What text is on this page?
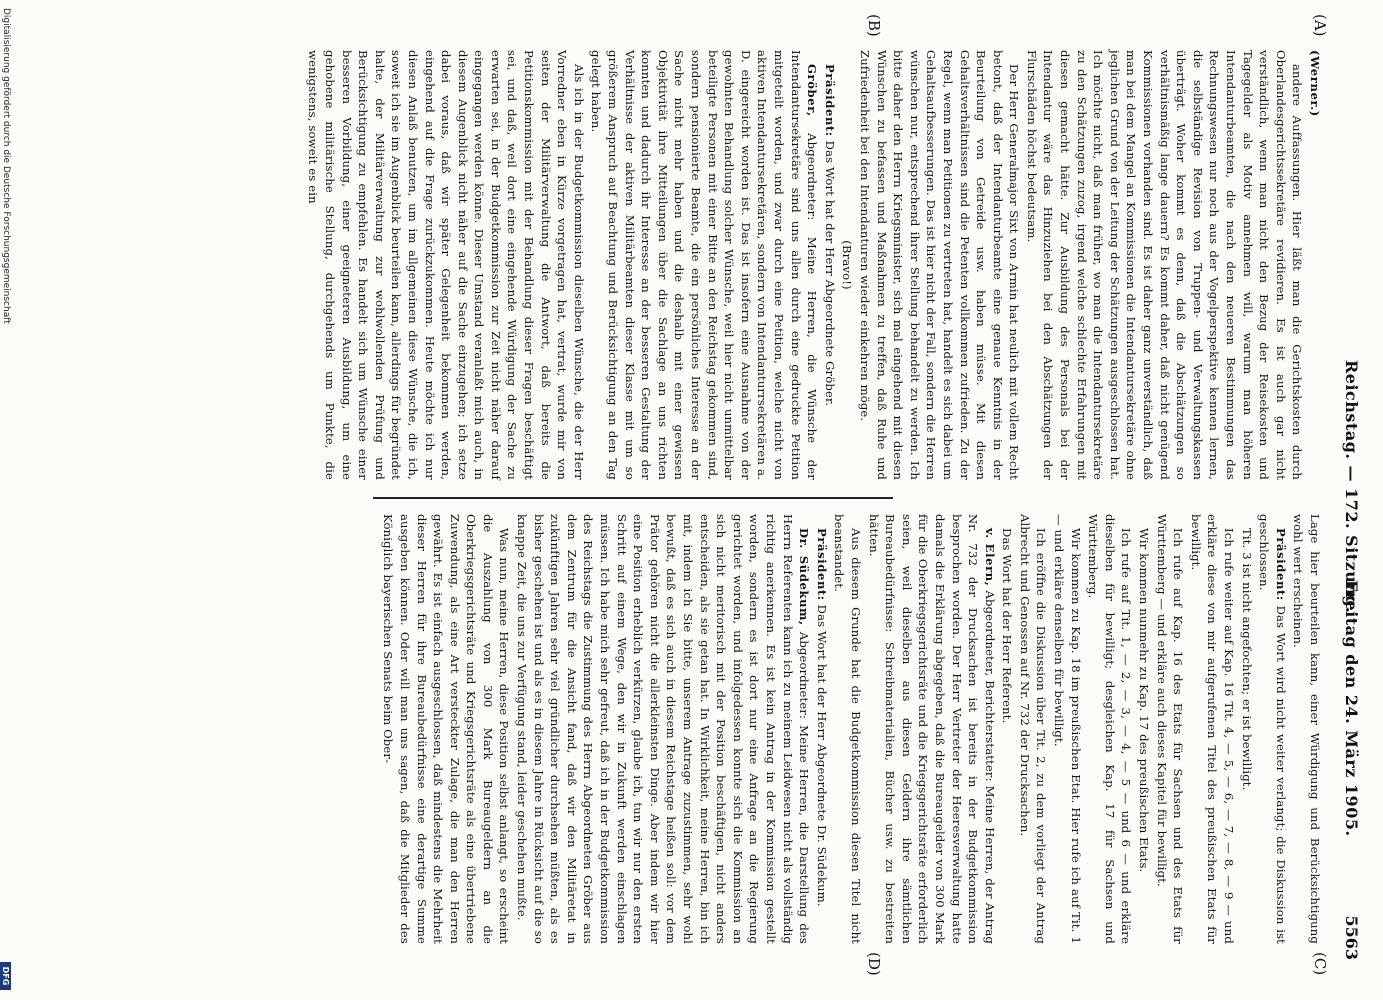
Reichstag. — 172. Sitzung.
Freitag den 24. März 1905.
5563
(A)
(B)
(C)
(D)

(Werner.)

andere Auffassungen. Hier läßt man die Gerichtskosten durch Oberlandesgerichtssekretäre revidieren. Es ist auch gar nicht verständlich, wenn man nicht den Bezug der Reisekosten und Tagegelder als Motiv annehmen will, warum man höheren Intendanturbeamten, die nach den neueren Bestimmungen das Rechnungswesen nur noch aus der Vogelperspektive kennen lernen, die selbständige Revision von Truppen- und Verwaltungskassen überträgt. Woher kommt es denn, daß die Abschätzungen so verhältnismäßig lange dauern? Es kommt daher, daß nicht genügend Kommissionen vorhanden sind. Es ist daher ganz unverständlich, daß man bei dem Mangel an Kommissionen die Intendantursekretäre ohne jeglichen Grund von der Leitung der Schätzungen ausgeschlossen hat. Ich möchte nicht, daß man früher, wo man die Intendantursekretäre zu den Schätzungen zuzog, irgend welche schlechte Erfahrungen mit diesen gemacht hätte. Zur Ausbildung des Personals bei der Intendantur wäre das Hinzuziehen bei den Abschätzungen der Flurschäden höchst bedeutsam.

Der Herr Generalmajor Sixt von Armin hat neulich mit vollem Recht betont, daß der Intendanturbeamte eine genaue Kenntnis in der Beurteilung von Getreide usw. haben müsse. Mit diesen Gehaltsverhältnissen sind die Petenten vollkommen zufrieden. Zu der Regel, wenn man Petitionen zu vertreten hat, handelt es sich dabei um Gehaltsaufbesserungen. Das ist hier nicht der Fall, sondern die Herren wünschen nur, entsprechend ihrer Stellung behandelt zu werden. Ich bitte daher den Herrn Kriegsminister, sich mal eingehend mit diesen Wünschen zu befassen und Maßnahmen zu treffen, daß Ruhe und Zufriedenheit bei den Intendanturen wieder einkehren möge.

(Bravo!)

Präsident: Das Wort hat der Herr Abgeordnete Gröber.

Gröber, Abgeordneter: Meine Herren, die Wünsche der Intendantursekretäre sind uns allen durch eine gedruckte Petition mitgeteilt worden, und zwar durch eine Petition, welche nicht von aktiven Intendantursekretären, sondern von Intendanturrsekretären a. D. eingereicht worden ist. Das ist insofern eine Ausnahme von der gewohnten Behandlung solcher Wünsche, weil hier nicht unmittelbar beteiligte Personen mit einer Bitte an den Reichstag gekommen sind, sondern pensionierte Beamte, die ein persönliches Interesse an der Sache nicht mehr haben und die deshalb mit einer gewissen Objektivität ihre Mitteilungen über die Sachlage an uns richten konnten und dadurch ihr Interesse an der besseren Gestaltung der Verhältnisse der aktiven Militärbeamten dieser Klasse mit um so größerem Anspruch auf Beachtung und Berücksichtigung an den Tag gelegt haben.

Als ich in der Budgetkommission dieselben Wünsche, die der Herr Vorredner eben in Kürze vorgetragen hat, vertrat, wurde mir von seiten der Militärverwaltung die Antwort, daß bereits die Petitionskommission mit der Behandlung dieser Fragen beschäftigt sei, und daß, weil dort eine eingehende Würdigung der Sache zu erwarten sei, in der Budgetkommission zur Zeit nicht näher darauf eingegangen werden könne. Dieser Umstand veranlaßt mich auch, in diesem Augenblick nicht näher auf die Sache einzugehen; ich setze dabei voraus, daß wir später Gelegenheit bekommen werden, eingehend auf die Frage zurückzukommen. Heute möchte ich nur diesen Anlaß benutzen, um im allgemeinen diese Wünsche, die ich, soweit ich sie im Augenblick beurteilen kann, allerdings für begründet halte, der Militärverwaltung zur wohlwollenden Prüfung und Berücksichtigung zu empfehlen. Es handelt sich um Wünsche einer besseren Vorbildung, einer geeigneteren Ausbildung, um eine gehobene militärische Stellung, durchgehends um Punkte, die wenigstens, soweit es ein

Lage hier beurteilen kann, einer Würdigung und Berücksichtigung wohl wert erscheinen.

Präsident: Das Wort wird nicht weiter verlangt; die Diskussion ist geschlossen.

Tit. 3 ist nicht angefochten; er ist bewilligt.

Ich rufe weiter auf Kap. 16 Tit. 4, — 5, — 6, — 7, — 8, — 9 — und erkläre diese von mir aufgerufenen Titel des preußischen Etats für bewilligt.

Ich rufe auf Kap. 16 des Etats für Sachsen und des Etats für Württemberg — und erkläre auch dieses Kapitel für bewilligt.

Wir kommen nunmehr zu Kap. 17 des preußischen Etats.

Ich rufe auf Tit. 1, — 2, — 3, — 4, — 5 — und 6 — und erkläre dieselben für bewilligt; desgleichen Kap. 17 für Sachsen und Württemberg.

Wir kommen zu Kap. 18 im preußischen Etat. Hier rufe ich auf Tit. 1 — und erkläre denselben für bewilligt.

Ich eröffne die Diskussion über Tit. 2, zu dem vorliegt der Antrag Albrecht und Genossen auf Nr. 732 der Drucksachen.

Das Wort hat der Herr Referent.

v. Elern, Abgeordneter, Berichterstatter: Meine Herren, der Antrag Nr. 732 der Drucksachen ist bereits in der Budgetkommission besprochen worden. Der Herr Vertreter der Heeresverwaltung hatte damals die Erklärung abgegeben, daß die Bureaugelder von 300 Mark für die Oberkriegsgerichtsräte und die Kriegsgerichtsräte erforderlich seien, weil dieselben aus diesen Geldern ihre sämtlichen Bureaubedürfnisse: Schreibmaterialien, Bücher usw. zu bestreiten hätten.

Aus diesem Grunde hat die Budgetkommission diesen Titel nicht beanstandet.

Präsident: Das Wort hat der Herr Abgeordnete Dr. Südekum.

Dr. Südekum, Abgeordneter: Meine Herren, die Darstellung des Herrn Referenten kann ich zu meinem Leidwesen nicht als vollständig richtig anerkennen. Es ist kein Antrag in der Kommission gestellt worden, sondern es ist dort nur eine Anfrage an die Regierung gerichtet worden, und infolgedessen konnte sich die Kommission an sich nicht meritorisch mit der Position beschäftigen, nicht anders entscheiden, als sie getan hat. In Wirklichkeit, meine Herren, bin ich mit, indem ich Sie bitte, unserem Antrage zuzustimmen, sehr wohl bewußt, daß es sich auch in diesem Reichstage heißen soll: vor dem Prätor gehören nicht die allerkleinsten Dinge. Aber indem wir hier eine Position erheblich verkürzen, glaube ich, tun wir nur den ersten Schritt auf einem Wege, den wir in Zukunft werden einschlagen müssen. Ich habe mich sehr gefreut, daß ich in der Budgetkommission des Reichstags die Zustimmung des Herrn Abgeordneten Gröber aus dem Zentrum für die Ansicht fand, daß wir den Militäretat in zukünftigen Jahren sehr viel gründlicher durchsehen müßten, als es bisher geschehen ist und als es in diesem Jahre in Rücksicht auf die so knappe Zeit, die uns zur Verfügung stand, leider geschehen mußte.

Was nun, meine Herren, diese Position selbst anlangt, so erscheint die Auszahlung von 300 Mark Bureaugeldern an die Oberkriegsgerichtsräte und Kriegsgerichtsräte als eine übertriebene Zuwendung, als eine Art versteckter Zulage, die man den Herren gewährt. Es ist einfach ausgeschlossen, daß mindestens die Mehrheit dieser Herren für ihre Bureaubedürfnisse eine derartige Summe ausgeben können. Oder will man uns sagen, daß die Mitglieder des Königlich bayerischen Senats beim Ober-

Digitalisierung gefördert durch die Deutsche Forschungsgemeinschaft
DFG
